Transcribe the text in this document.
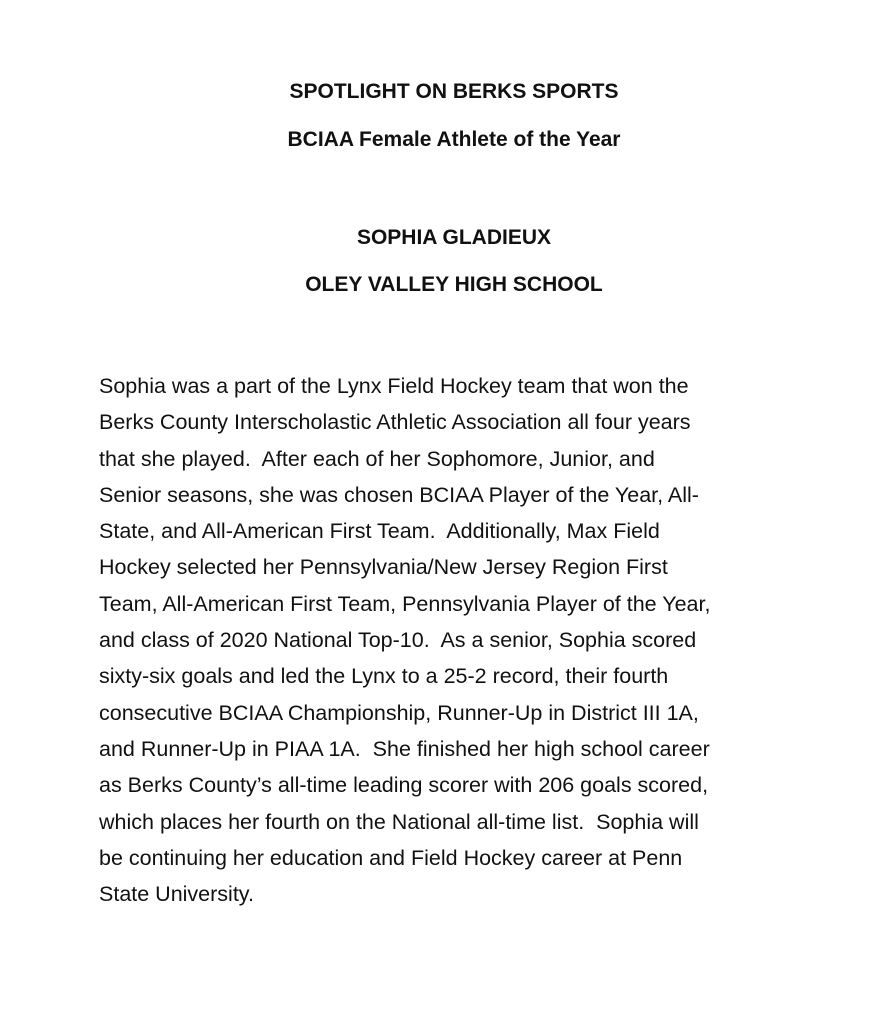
SPOTLIGHT ON BERKS SPORTS
BCIAA Female Athlete of the Year
SOPHIA GLADIEUX
OLEY VALLEY HIGH SCHOOL

Sophia was a part of the Lynx Field Hockey team that won the
Berks County Interscholastic Athletic Association all four years
that she played.  After each of her Sophomore, Junior, and
Senior seasons, she was chosen BCIAA Player of the Year, All-
State, and All-American First Team.  Additionally, Max Field
Hockey selected her Pennsylvania/New Jersey Region First
Team, All-American First Team, Pennsylvania Player of the Year,
and class of 2020 National Top-10.  As a senior, Sophia scored
sixty-six goals and led the Lynx to a 25-2 record, their fourth
consecutive BCIAA Championship, Runner-Up in District III 1A,
and Runner-Up in PIAA 1A.  She finished her high school career
as Berks County’s all-time leading scorer with 206 goals scored,
which places her fourth on the National all-time list.  Sophia will
be continuing her education and Field Hockey career at Penn
State University.
